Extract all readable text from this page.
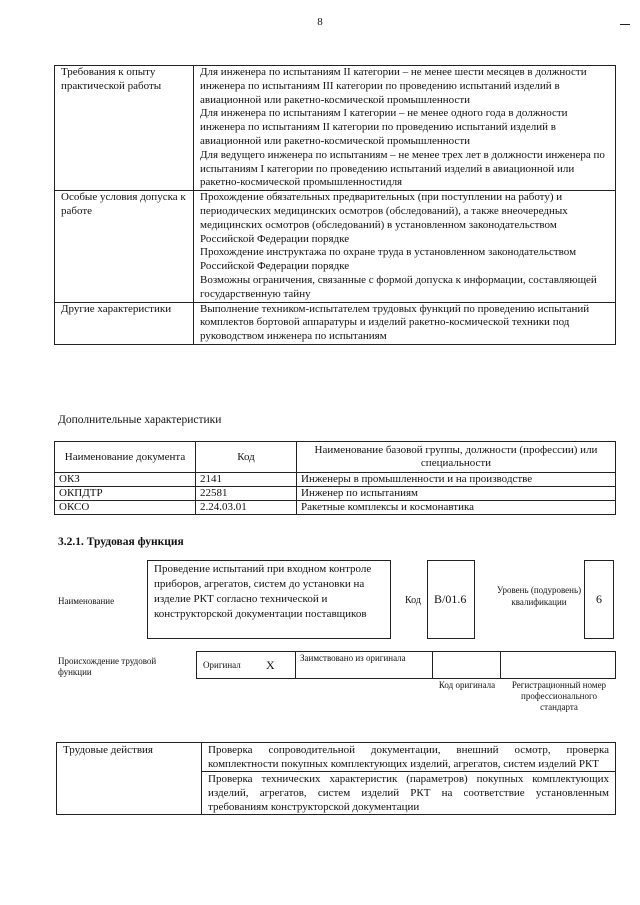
8
Требования к опыту практической работы	Для инженера по испытаниям II категории – не менее шести месяцев в должности инженера по испытаниям III категории по проведению испытаний изделий в авиационной или ракетно-космической промышленности
Для инженера по испытаниям I категории – не менее одного года в должности инженера по испытаниям II категории по проведению испытаний изделий в авиационной или ракетно-космической промышленности
Для ведущего инженера по испытаниям – не менее трех лет в должности инженера по испытаниям I категории по проведению испытаний изделий в авиационной или ракетно-космической промышленностидля

Особые условия допуска к работе	Прохождение обязательных предварительных (при поступлении на работу) и периодических медицинских осмотров (обследований), а также внеочередных медицинских осмотров (обследований) в установленном законодательством Российской Федерации порядке
Прохождение инструктажа по охране труда в установленном законодательством Российской Федерации порядке
Возможны ограничения, связанные с формой допуска к информации, составляющей государственную тайну

Другие характеристики	Выполнение техником-испытателем трудовых функций по проведению испытаний комплектов бортовой аппаратуры и изделий ракетно-космической техники под руководством инженера по испытаниям
Дополнительные характеристики
Наименование документа	Код	Наименование базовой группы, должности (профессии) или специальности
ОКЗ	2141	Инженеры в промышленности и на производстве
ОКПДТР	22581	Инженер по испытаниям
ОКСО	2.24.03.01	Ракетные комплексы и космонавтика
3.2.1. Трудовая функция
Наименование
Проведение испытаний при входном контроле приборов, агрегатов, систем до установки на изделие РКТ согласно технической и конструкторской документации поставщиков
Код	B/01.6
Уровень (подуровень) квалификации	6
Происхождение трудовой функции
Оригинал X	Заимствовано из оригинала
Код оригинала	Регистрационный номер профессионального стандарта
Трудовые действия	Проверка сопроводительной документации, внешний осмотр, проверка комплектности покупных комплектующих изделий, агрегатов, систем изделий РКТ
Проверка технических характеристик (параметров) покупных комплектующих изделий, агрегатов, систем изделий РКТ на соответствие установленным требованиям конструкторской документации
